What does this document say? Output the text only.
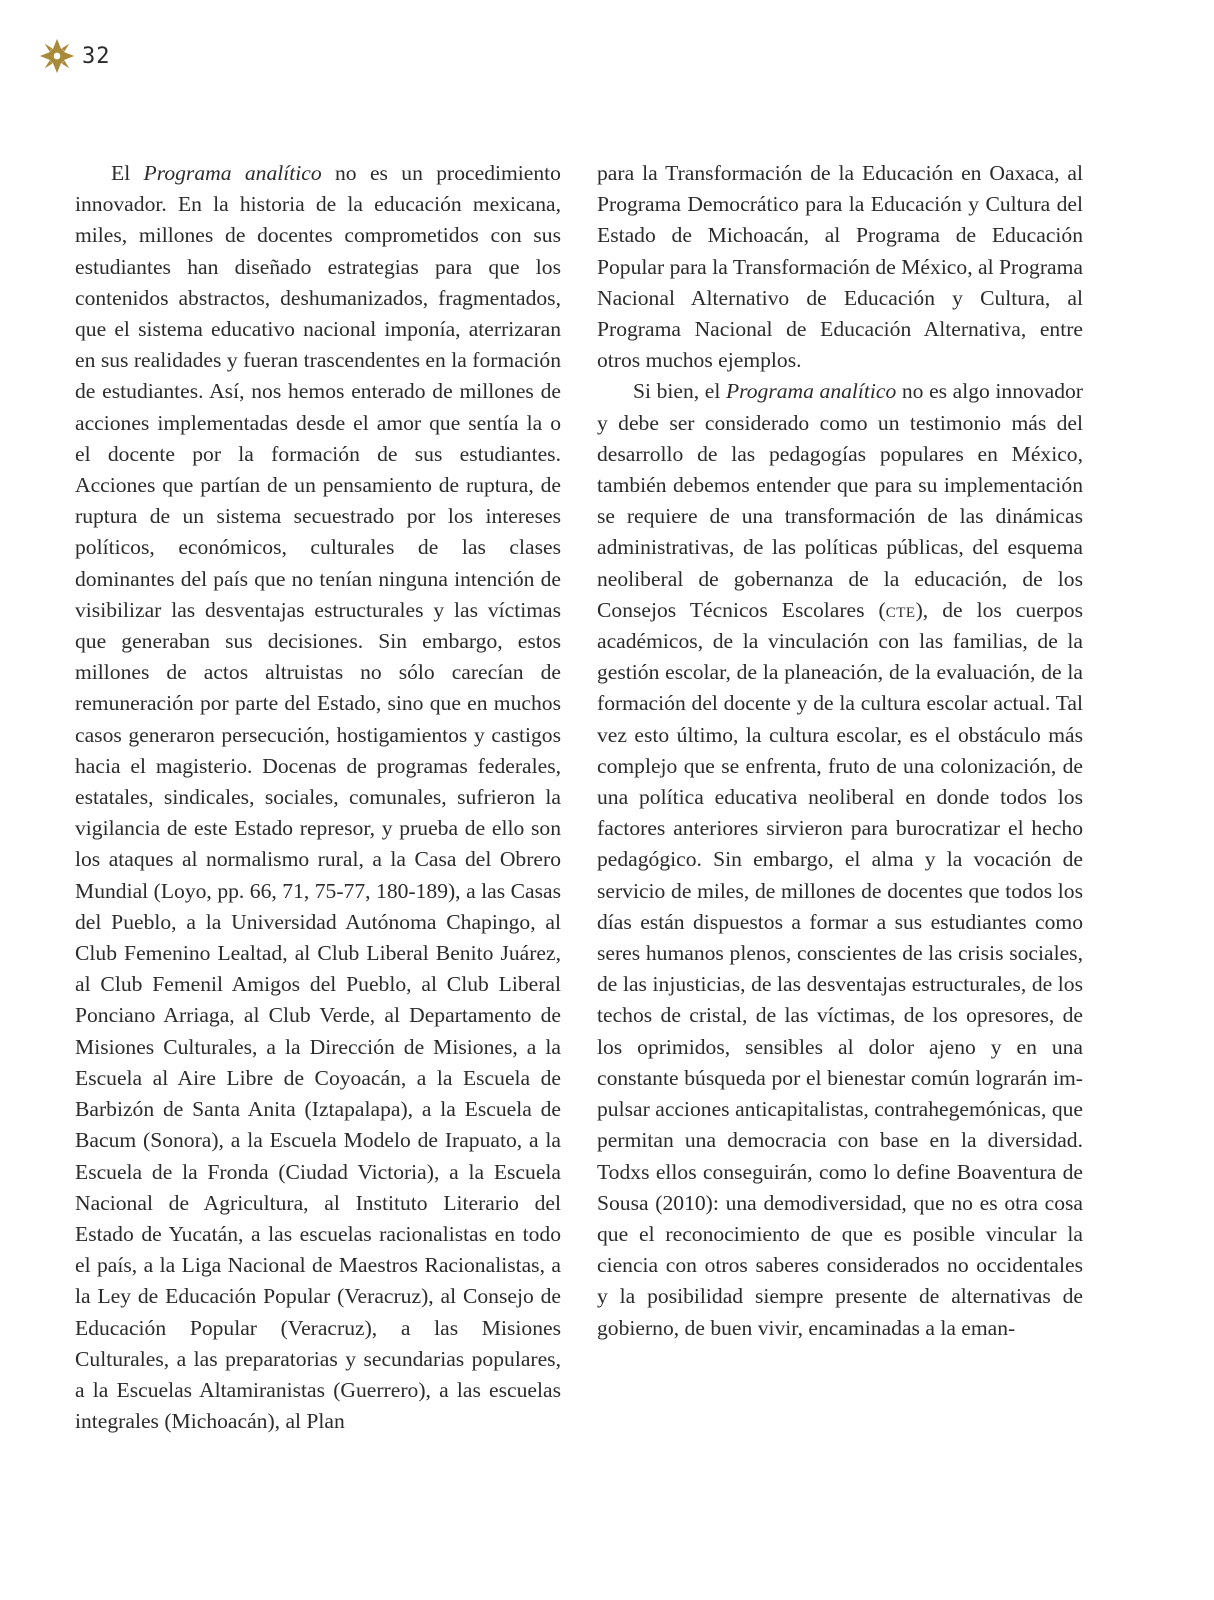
32

El Programa analítico no es un procedimiento innovador. En la historia de la educación mexicana, miles, millones de docentes comprometidos con sus estudiantes han diseñado estrategias para que los contenidos abstractos, deshumanizados, fragmentados, que el sistema educativo nacional imponía, aterrizaran en sus realidades y fueran trascendentes en la formación de estudiantes. Así, nos hemos enterado de millones de acciones implementadas desde el amor que sentía la o el docente por la formación de sus estudiantes. Acciones que partían de un pensamiento de ruptura, de ruptura de un sistema secuestrado por los intereses políticos, económicos, culturales de las clases dominantes del país que no tenían ninguna intención de visibilizar las desventajas estructurales y las víctimas que generaban sus decisiones. Sin embargo, estos millones de actos altruistas no sólo carecían de remuneración por parte del Estado, sino que en muchos casos generaron persecución, hostigamientos y castigos hacia el magisterio. Docenas de programas federales, estatales, sindicales, sociales, comunales, sufrieron la vigilancia de este Estado represor, y prueba de ello son los ataques al normalismo rural, a la Casa del Obrero Mundial (Loyo, pp. 66, 71, 75-77, 180-189), a las Casas del Pueblo, a la Universidad Autónoma Chapingo, al Club Femenino Lealtad, al Club Liberal Benito Juárez, al Club Femenil Amigos del Pueblo, al Club Liberal Ponciano Arriaga, al Club Verde, al Departamento de Misiones Culturales, a la Dirección de Misiones, a la Escuela al Aire Libre de Coyoacán, a la Escuela de Barbizón de Santa Anita (Iztapalapa), a la Escuela de Bacum (Sonora), a la Escuela Modelo de Irapuato, a la Escuela de la Fronda (Ciudad Victoria), a la Escuela Nacional de Agricultura, al Instituto Literario del Estado de Yucatán, a las escuelas racionalistas en todo el país, a la Liga Nacional de Maestros Racionalistas, a la Ley de Educación Popular (Veracruz), al Consejo de Educación Popular (Veracruz), a las Misiones Culturales, a las preparatorias y secundarias populares, a la Escuelas Altamiranistas (Guerrero), a las escuelas integrales (Michoacán), al Plan

para la Transformación de la Educación en Oaxaca, al Programa Democrático para la Educación y Cultura del Estado de Michoacán, al Programa de Educación Popular para la Transformación de México, al Programa Nacional Alternativo de Educación y Cultura, al Programa Nacional de Educación Alternativa, entre otros muchos ejemplos.

Si bien, el Programa analítico no es algo innovador y debe ser considerado como un testimonio más del desarrollo de las pedagogías populares en México, también debemos entender que para su implementación se requiere de una transformación de las dinámicas administrativas, de las políticas públicas, del esquema neoliberal de gobernanza de la educación, de los Consejos Técnicos Escolares (cte), de los cuerpos académicos, de la vinculación con las familias, de la gestión escolar, de la planeación, de la evaluación, de la formación del docente y de la cultura escolar actual. Tal vez esto último, la cultura escolar, es el obstáculo más complejo que se enfrenta, fruto de una colonización, de una política educativa neoliberal en donde todos los factores anteriores sirvieron para burocratizar el hecho pedagógico. Sin embargo, el alma y la vocación de servicio de miles, de millones de docentes que todos los días están dispuestos a formar a sus estudiantes como seres humanos plenos, conscientes de las crisis sociales, de las injusticias, de las desventajas estructurales, de los techos de cristal, de las víctimas, de los opresores, de los oprimidos, sensibles al dolor ajeno y en una constante búsqueda por el bienestar común lograrán impulsar acciones anticapitalistas, contrahegemónicas, que permitan una democracia con base en la diversidad. Todxs ellos conseguirán, como lo define Boaventura de Sousa (2010): una demodiversidad, que no es otra cosa que el reconocimiento de que es posible vincular la ciencia con otros saberes considerados no occidentales y la posibilidad siempre presente de alternativas de gobierno, de buen vivir, encaminadas a la eman-
